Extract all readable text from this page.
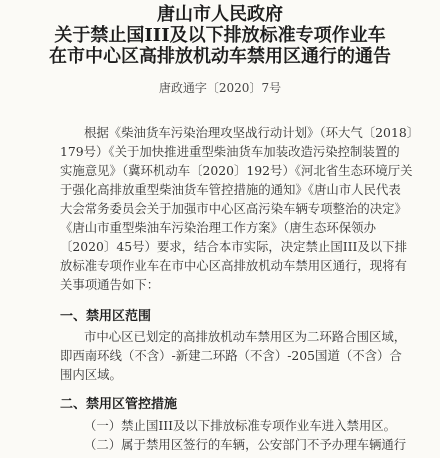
唐山市人民政府
关于禁止国III及以下排放标准专项作业车
在市中心区高排放机动车禁用区通行的通告
唐政通字〔2020〕7号
根据《柴油货车污染治理攻坚战行动计划》（环大气〔2018〕
179号）《关于加快推进重型柴油货车加装改造污染控制装置的
实施意见》（冀环机动车〔2020〕192号）《河北省生态环境厅关
于强化高排放重型柴油货车管控措施的通知》《唐山市人民代表
大会常务委员会关于加强市中心区高污染车辆专项整治的决定》
《唐山市重型柴油车污染治理工作方案》（唐生态环保领办
〔2020〕45号）要求，结合本市实际，决定禁止国III及以下排
放标准专项作业车在市中心区高排放机动车禁用区通行，现将有
关事项通告如下：
一、禁用区范围
市中心区已划定的高排放机动车禁用区为二环路合围区域，
即西南环线（不含）-新建二环路（不含）-205国道（不含）合
围内区域。
二、禁用区管控措施
（一）禁止国III及以下排放标准专项作业车进入禁用区。
（二）属于禁用区签行的车辆，公安部门不予办理车辆通行
